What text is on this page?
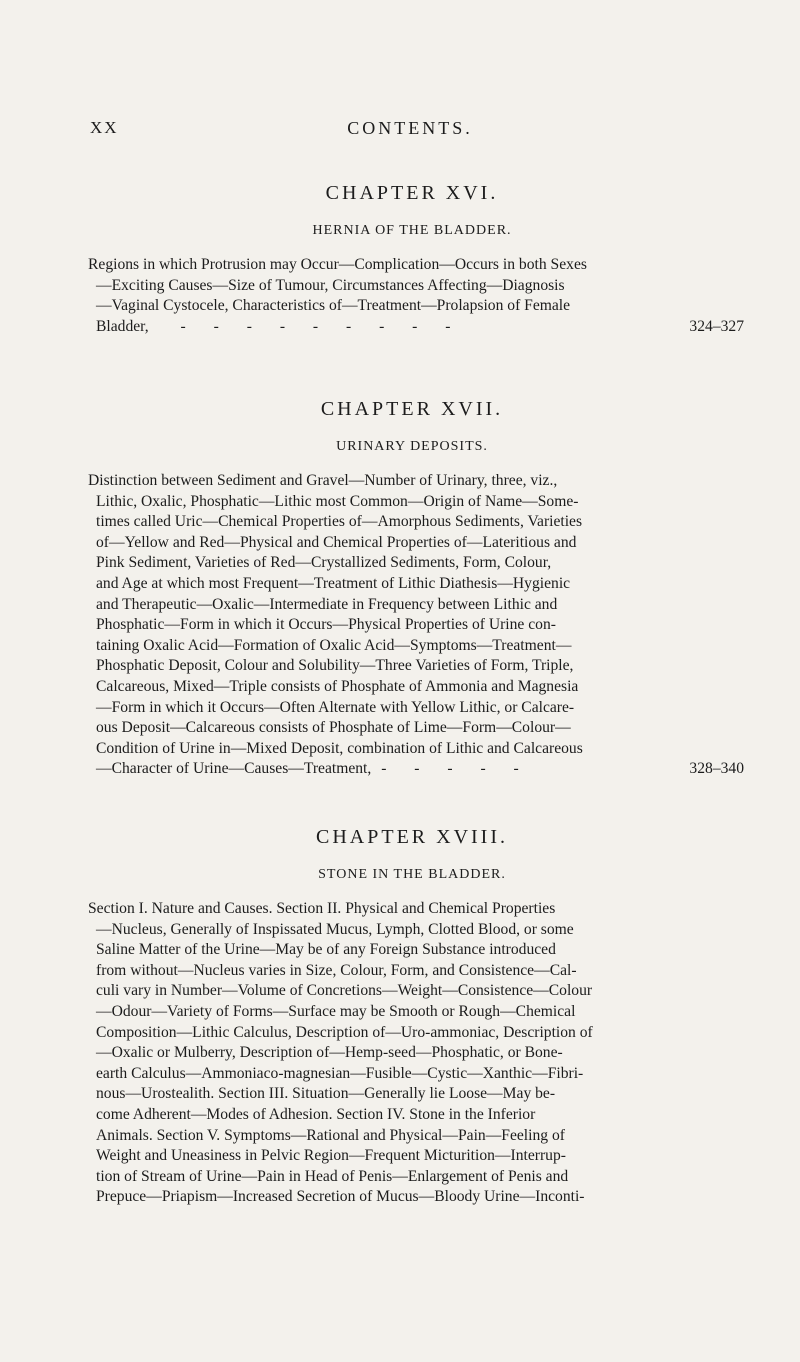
XX	CONTENTS.

CHAPTER XVI.

HERNIA OF THE BLADDER.

Regions in which Protrusion may Occur—Complication—Occurs in both Sexes
—Exciting Causes—Size of Tumour, Circumstances Affecting—Diagnosis
—Vaginal Cystocele, Characteristics of—Treatment—Prolapsion of Female
Bladder, - - - - - - - - -	324–327

CHAPTER XVII.

URINARY DEPOSITS.

Distinction between Sediment and Gravel—Number of Urinary, three, viz.,
Lithic, Oxalic, Phosphatic—Lithic most Common—Origin of Name—Some-
times called Uric—Chemical Properties of—Amorphous Sediments, Varieties
of—Yellow and Red—Physical and Chemical Properties of—Lateritious and
Pink Sediment, Varieties of Red—Crystallized Sediments, Form, Colour,
and Age at which most Frequent—Treatment of Lithic Diathesis—Hygienic
and Therapeutic—Oxalic—Intermediate in Frequency between Lithic and
Phosphatic—Form in which it Occurs—Physical Properties of Urine con-
taining Oxalic Acid—Formation of Oxalic Acid—Symptoms—Treatment—
Phosphatic Deposit, Colour and Solubility—Three Varieties of Form, Triple,
Calcareous, Mixed—Triple consists of Phosphate of Ammonia and Magnesia
—Form in which it Occurs—Often Alternate with Yellow Lithic, or Calcare-
ous Deposit—Calcareous consists of Phosphate of Lime—Form—Colour—
Condition of Urine in—Mixed Deposit, combination of Lithic and Calcareous
—Character of Urine—Causes—Treatment, - - - - -	328–340

CHAPTER XVIII.

STONE IN THE BLADDER.

Section I. Nature and Causes. Section II. Physical and Chemical Properties
—Nucleus, Generally of Inspissated Mucus, Lymph, Clotted Blood, or some
Saline Matter of the Urine—May be of any Foreign Substance introduced
from without—Nucleus varies in Size, Colour, Form, and Consistence—Cal-
culi vary in Number—Volume of Concretions—Weight—Consistence—Colour
—Odour—Variety of Forms—Surface may be Smooth or Rough—Chemical
Composition—Lithic Calculus, Description of—Uro-ammoniac, Description of
—Oxalic or Mulberry, Description of—Hemp-seed—Phosphatic, or Bone-
earth Calculus—Ammoniaco-magnesian—Fusible—Cystic—Xanthic—Fibri-
nous—Urostealith. Section III. Situation—Generally lie Loose—May be-
come Adherent—Modes of Adhesion. Section IV. Stone in the Inferior
Animals. Section V. Symptoms—Rational and Physical—Pain—Feeling of
Weight and Uneasiness in Pelvic Region—Frequent Micturition—Interrup-
tion of Stream of Urine—Pain in Head of Penis—Enlargement of Penis and
Prepuce—Priapism—Increased Secretion of Mucus—Bloody Urine—Inconti-
